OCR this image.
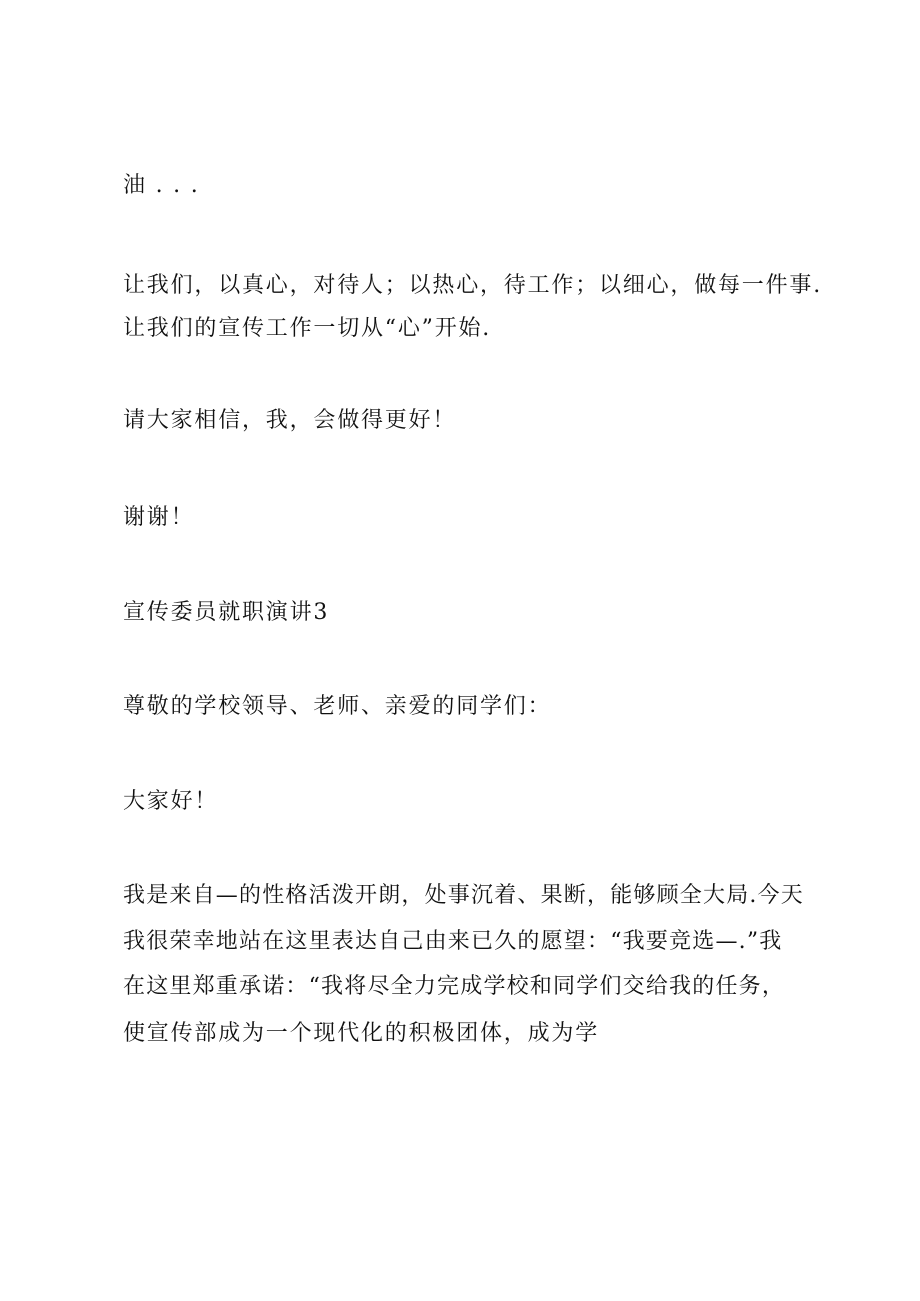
油 . . .
让我们，以真心，对待人；以热心，待工作；以细心，做每一件事.
让我们的宣传工作一切从“心”开始.
请大家相信，我，会做得更好！
谢谢！
宣传委员就职演讲3
尊敬的学校领导、老师、亲爱的同学们：
大家好！
我是来自—的性格活泼开朗，处事沉着、果断，能够顾全大局.今天
我很荣幸地站在这里表达自己由来已久的愿望：“我要竞选—.”我
在这里郑重承诺：“我将尽全力完成学校和同学们交给我的任务，
使宣传部成为一个现代化的积极团体，成为学
